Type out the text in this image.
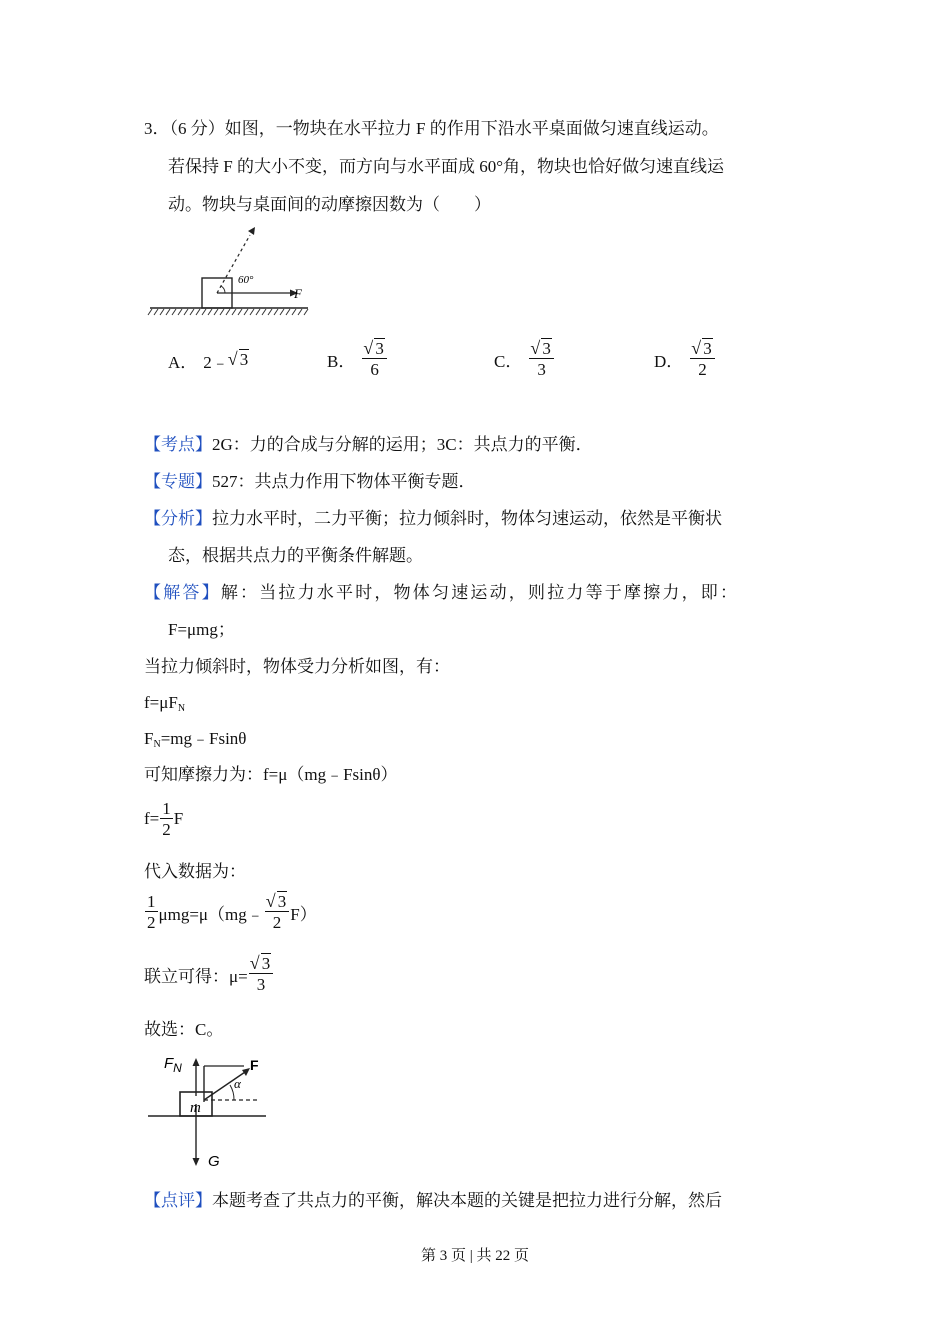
3．（6 分）如图，一物块在水平拉力 F 的作用下沿水平桌面做匀速直线运动。
若保持 F 的大小不变，而方向与水平面成 60°角，物块也恰好做匀速直线运
动。物块与桌面间的动摩擦因数为（　　）
60°
F
A． 2﹣ √ 3	B． √ $\frac{3}{6}$	C． √ $\frac{3}{3}$	D． √ $\frac{3}{2}$
【考点】2G：力的合成与分解的运用；3C：共点力的平衡．
【专题】527：共点力作用下物体平衡专题．
【分析】拉力水平时，二力平衡；拉力倾斜时，物体匀速运动，依然是平衡状
态，根据共点力的平衡条件解题。
【解答】解：当拉力水平时，物体匀速运动，则拉力等于摩擦力，即：
F=μmg；
当拉力倾斜时，物体受力分析如图，有：
$f=\mu F_N$
$F_N=mg﹣Fsin\theta$
可知摩擦力为：f=μ（mg﹣Fsinθ）
$f= \frac{1}{2}$ F
代入数据为：
$\frac{1}{2}$ μmg=μ（mg﹣ √ $\frac{3}{2} F$）
联立可得：μ= √ $\frac{3}{3}$
故选：C。
$F_N$	F
α
m
G
【点评】本题考查了共点力的平衡，解决本题的关键是把拉力进行分解，然后
第 3 页 | 共 22 页
